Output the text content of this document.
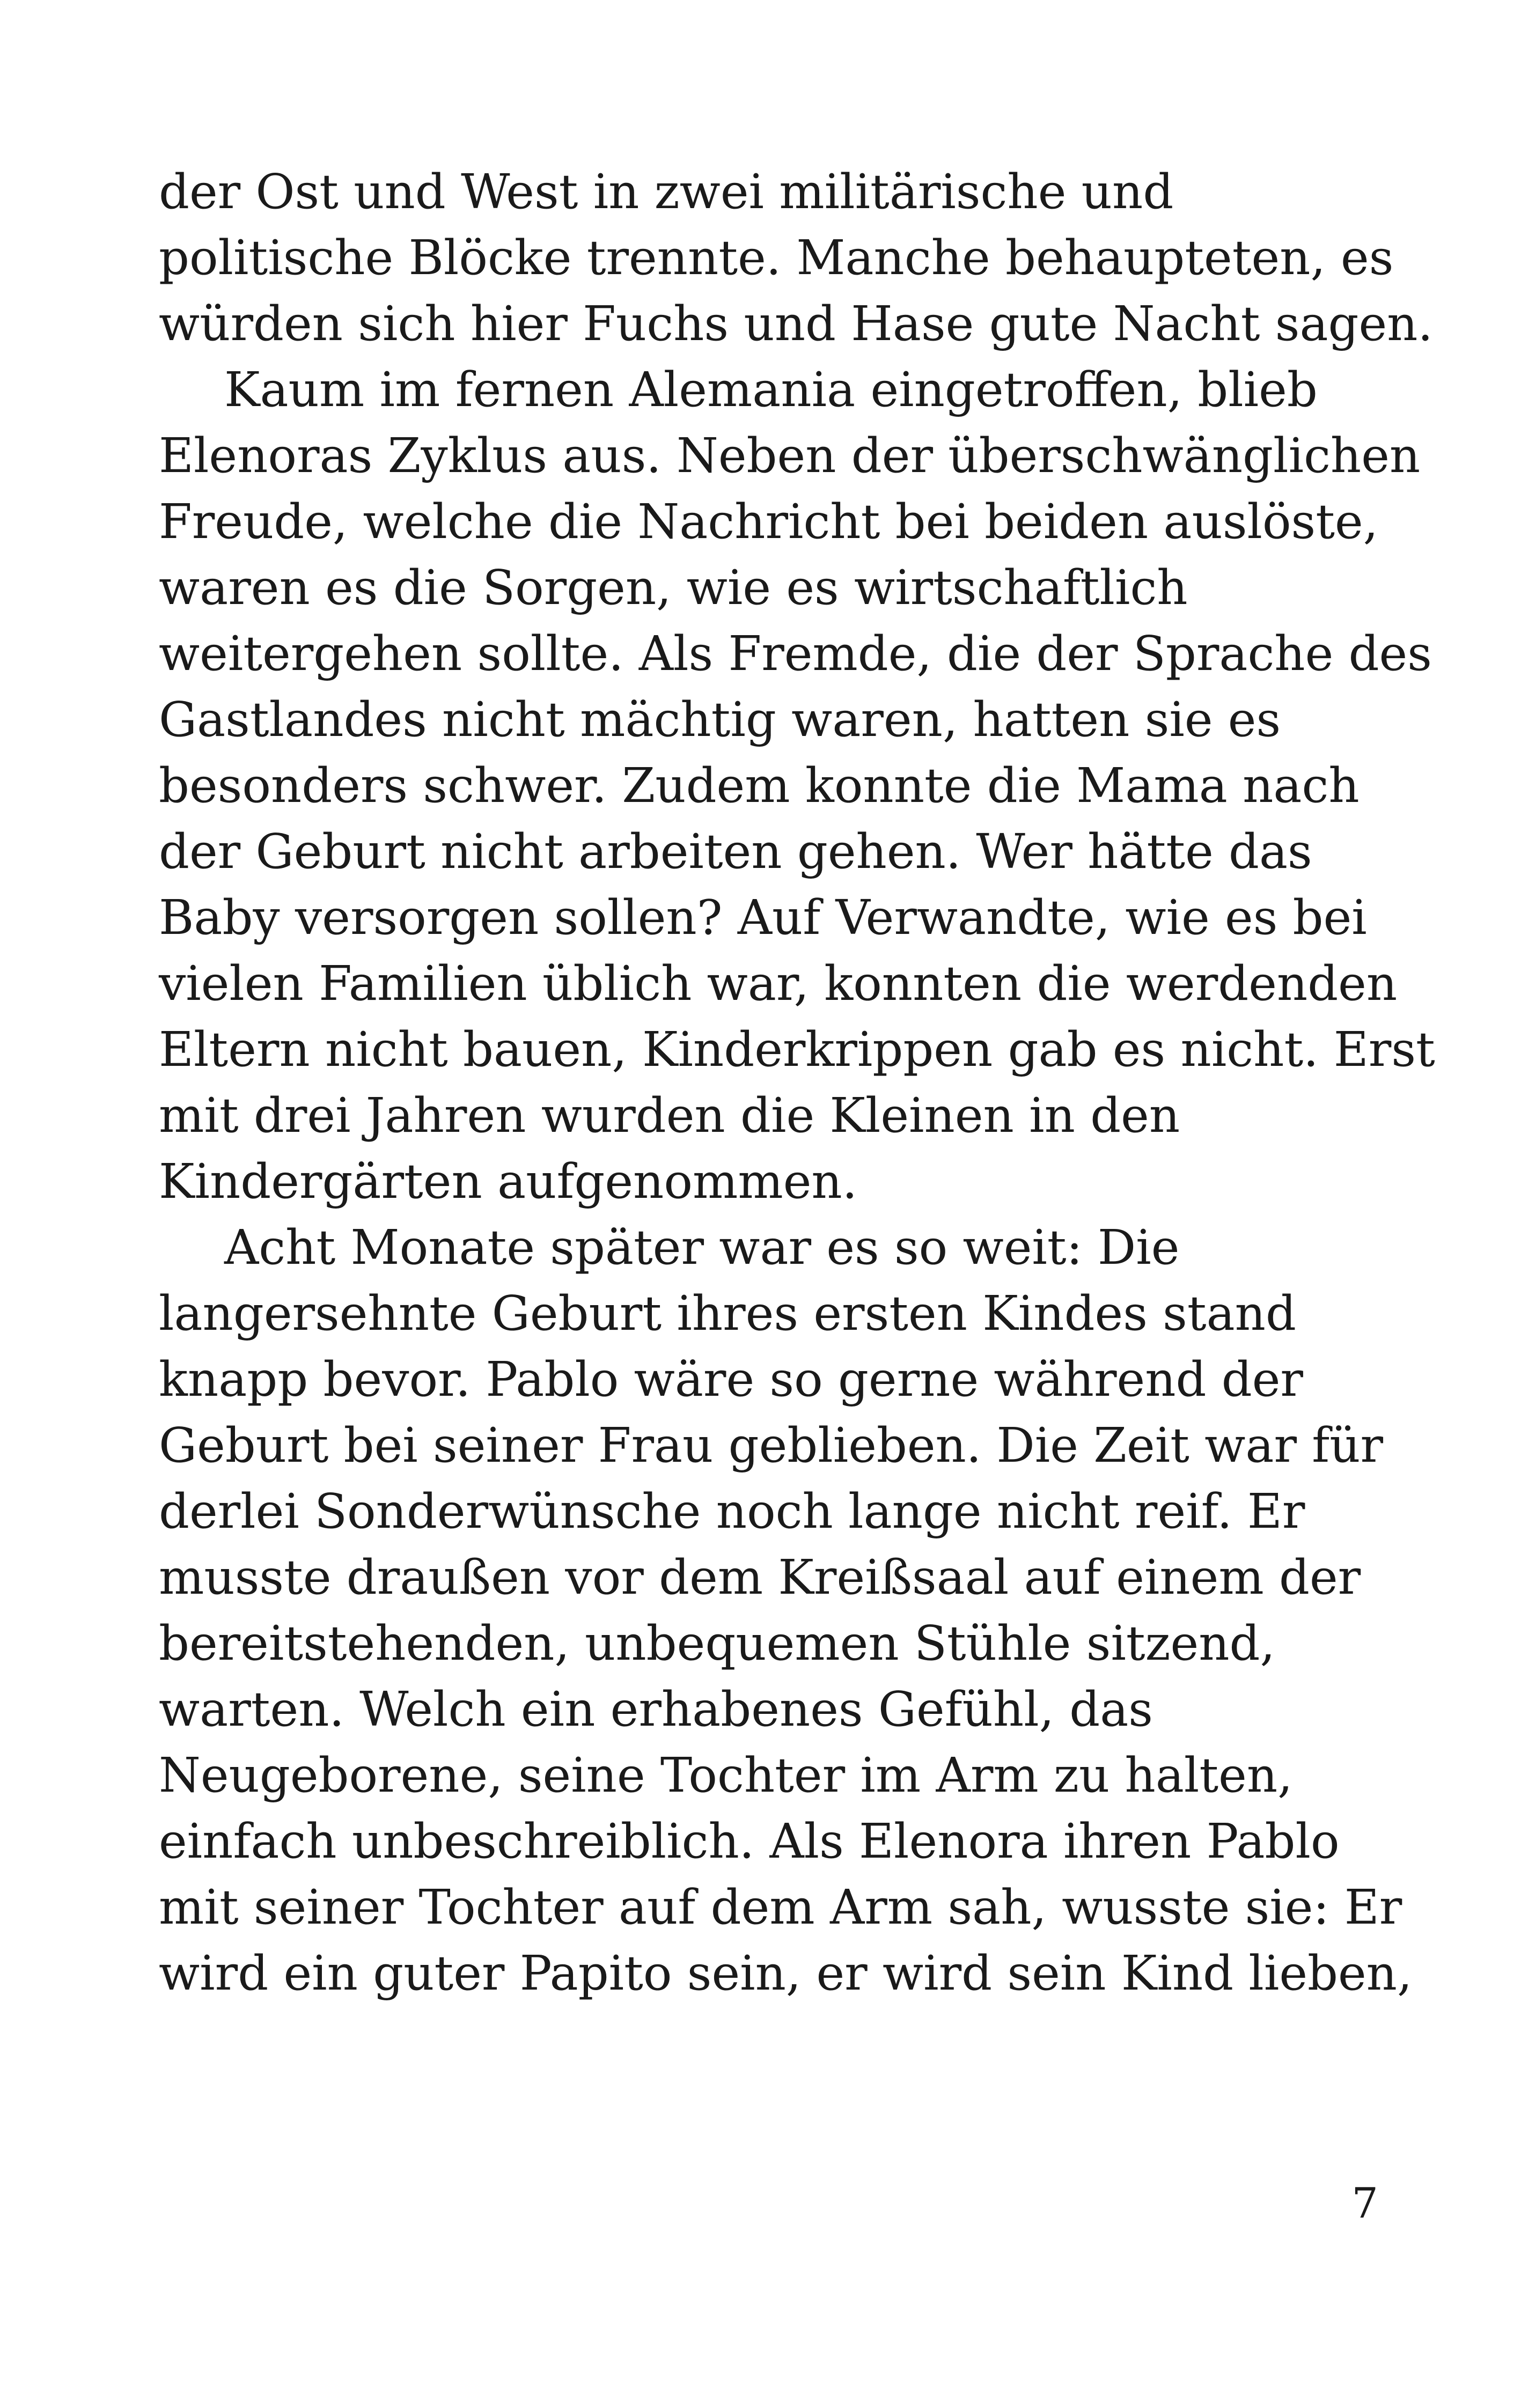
der Ost und West in zwei militärische und
politische Blöcke trennte. Manche behaupteten, es
würden sich hier Fuchs und Hase gute Nacht sagen.
Kaum im fernen Alemania eingetroffen, blieb
Elenoras Zyklus aus. Neben der überschwänglichen
Freude, welche die Nachricht bei beiden auslöste,
waren es die Sorgen, wie es wirtschaftlich
weitergehen sollte. Als Fremde, die der Sprache des
Gastlandes nicht mächtig waren, hatten sie es
besonders schwer. Zudem konnte die Mama nach
der Geburt nicht arbeiten gehen. Wer hätte das
Baby versorgen sollen? Auf Verwandte, wie es bei
vielen Familien üblich war, konnten die werdenden
Eltern nicht bauen, Kinderkrippen gab es nicht. Erst
mit drei Jahren wurden die Kleinen in den
Kindergärten aufgenommen.
Acht Monate später war es so weit: Die
langersehnte Geburt ihres ersten Kindes stand
knapp bevor. Pablo wäre so gerne während der
Geburt bei seiner Frau geblieben. Die Zeit war für
derlei Sonderwünsche noch lange nicht reif. Er
musste draußen vor dem Kreißsaal auf einem der
bereitstehenden, unbequemen Stühle sitzend,
warten. Welch ein erhabenes Gefühl, das
Neugeborene, seine Tochter im Arm zu halten,
einfach unbeschreiblich. Als Elenora ihren Pablo
mit seiner Tochter auf dem Arm sah, wusste sie: Er
wird ein guter Papito sein, er wird sein Kind lieben,
7
